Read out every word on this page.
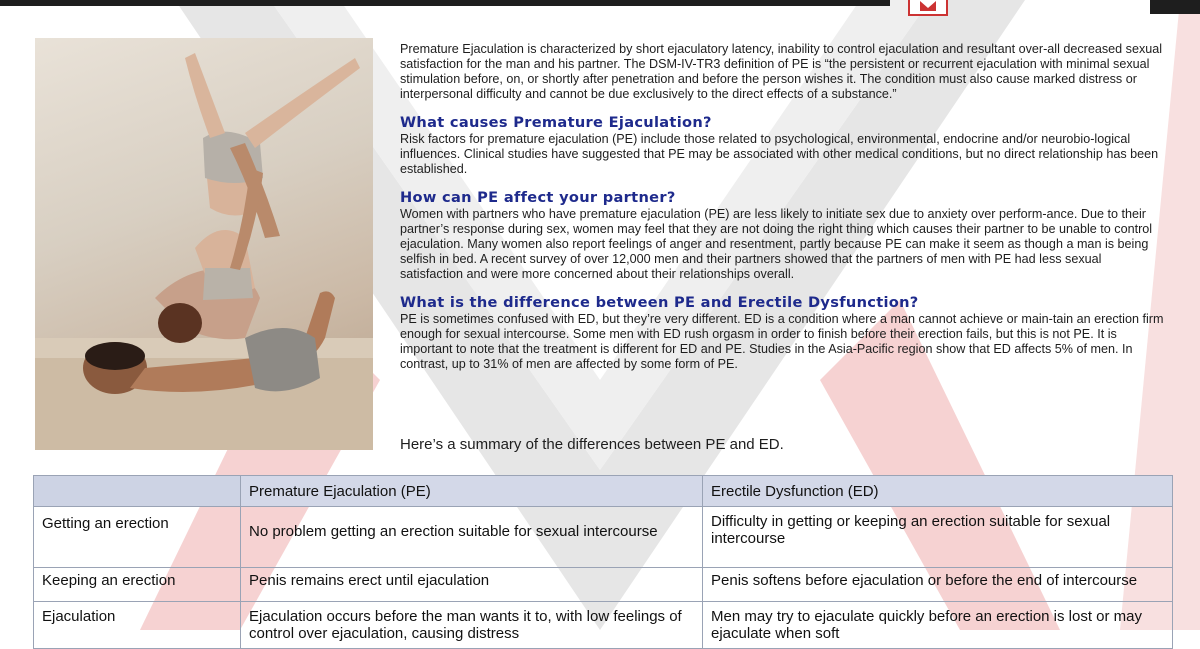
Premature Ejaculation is characterized by short ejaculatory latency, inability to control ejaculation and resultant over-all decreased sexual satisfaction for the man and his partner. The DSM-IV-TR3 definition of PE is “the persistent or recurrent ejaculation with minimal sexual stimulation before, on, or shortly after penetration and before the person wishes it. The condition must also cause marked distress or interpersonal difficulty and cannot be due exclusively to the direct effects of a substance.”

What causes Premature Ejaculation?

Risk factors for premature ejaculation (PE) include those related to psychological, environmental, endocrine and/or neurobio-logical influences. Clinical studies have suggested that PE may be associated with other medical conditions, but no direct relationship has been established.

How can PE affect your partner?

Women with partners who have premature ejaculation (PE) are less likely to initiate sex due to anxiety over perform-ance. Due to their partner’s response during sex, women may feel that they are not doing the right thing which causes their partner to be unable to control ejaculation. Many women also report feelings of anger and resentment, partly because PE can make it seem as though a man is being selfish in bed. A recent survey of over 12,000 men and their partners showed that the partners of men with PE had less sexual satisfaction and were more concerned about their relationships overall.

What is the difference between PE and Erectile Dysfunction?

PE is sometimes confused with ED, but they’re very different. ED is a condition where a man cannot achieve or main-tain an erection firm enough for sexual intercourse. Some men with ED rush orgasm in order to finish before their erection fails, but this is not PE. It is important to note that the treatment is different for ED and PE. Studies in the Asia-Pacific region show that ED affects 5% of men. In contrast, up to 31% of men are affected by some form of PE.

Here’s a summary of the differences between PE and ED.
	Premature Ejaculation (PE)	Erectile Dysfunction (ED)
Getting an erection	No problem getting an erection suitable for sexual intercourse	Difficulty in getting or keeping an erection suitable for sexual intercourse
Keeping an erection	Penis remains erect until ejaculation	Penis softens before ejaculation or before the end of intercourse
Ejaculation	Ejaculation occurs before the man wants it to, with low feelings of control over ejaculation, causing distress	Men may try to ejaculate quickly before an erection is lost or may ejaculate when soft
